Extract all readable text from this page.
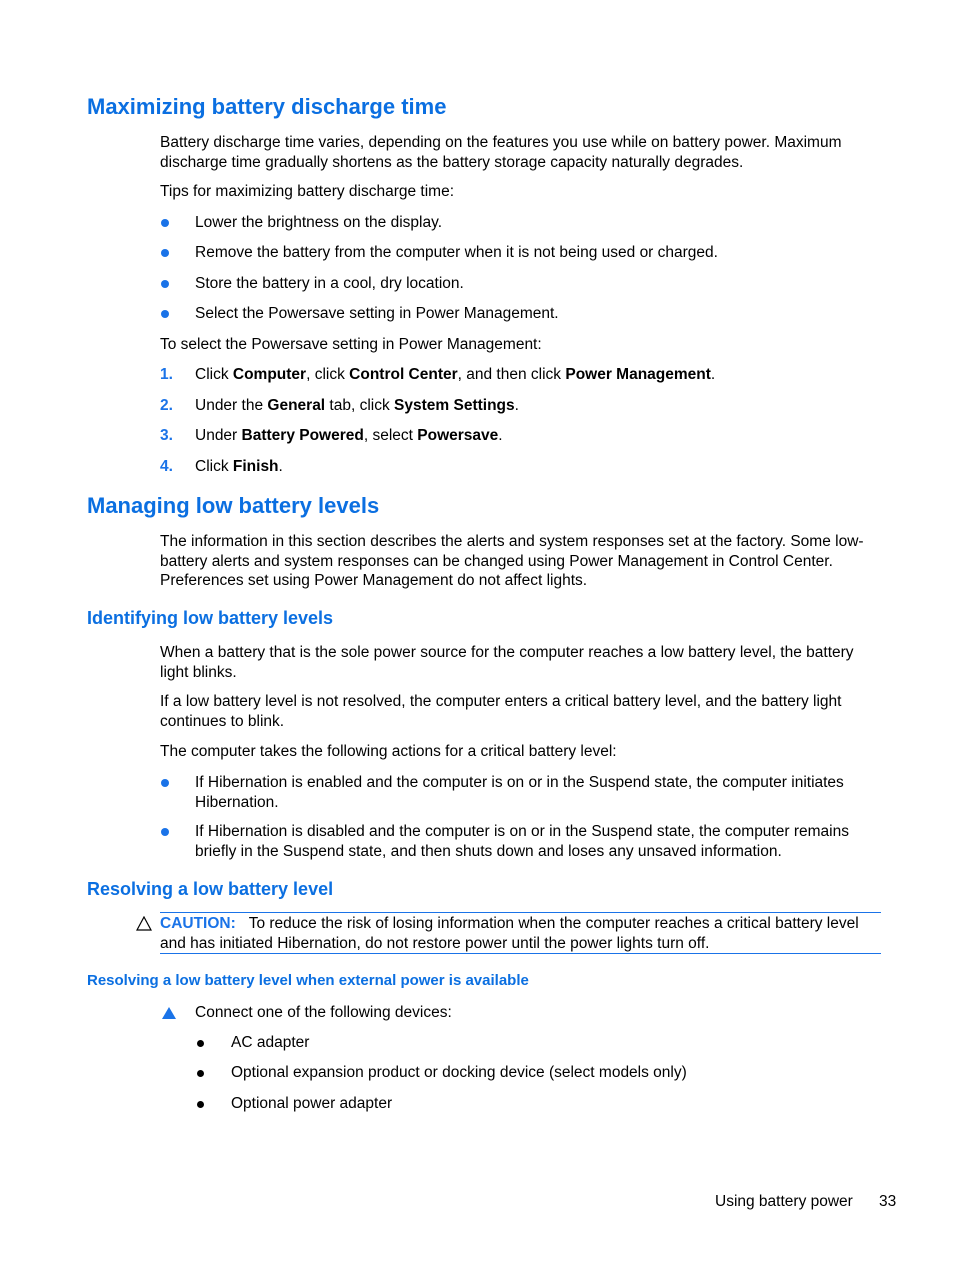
Maximizing battery discharge time
Battery discharge time varies, depending on the features you use while on battery power. Maximum discharge time gradually shortens as the battery storage capacity naturally degrades.
Tips for maximizing battery discharge time:
Lower the brightness on the display.
Remove the battery from the computer when it is not being used or charged.
Store the battery in a cool, dry location.
Select the Powersave setting in Power Management.
To select the Powersave setting in Power Management:
1. Click Computer, click Control Center, and then click Power Management.
2. Under the General tab, click System Settings.
3. Under Battery Powered, select Powersave.
4. Click Finish.
Managing low battery levels
The information in this section describes the alerts and system responses set at the factory. Some low-battery alerts and system responses can be changed using Power Management in Control Center. Preferences set using Power Management do not affect lights.
Identifying low battery levels
When a battery that is the sole power source for the computer reaches a low battery level, the battery light blinks.
If a low battery level is not resolved, the computer enters a critical battery level, and the battery light continues to blink.
The computer takes the following actions for a critical battery level:
If Hibernation is enabled and the computer is on or in the Suspend state, the computer initiates Hibernation.
If Hibernation is disabled and the computer is on or in the Suspend state, the computer remains briefly in the Suspend state, and then shuts down and loses any unsaved information.
Resolving a low battery level
CAUTION: To reduce the risk of losing information when the computer reaches a critical battery level and has initiated Hibernation, do not restore power until the power lights turn off.
Resolving a low battery level when external power is available
Connect one of the following devices:
AC adapter
Optional expansion product or docking device (select models only)
Optional power adapter
Using battery power 33
